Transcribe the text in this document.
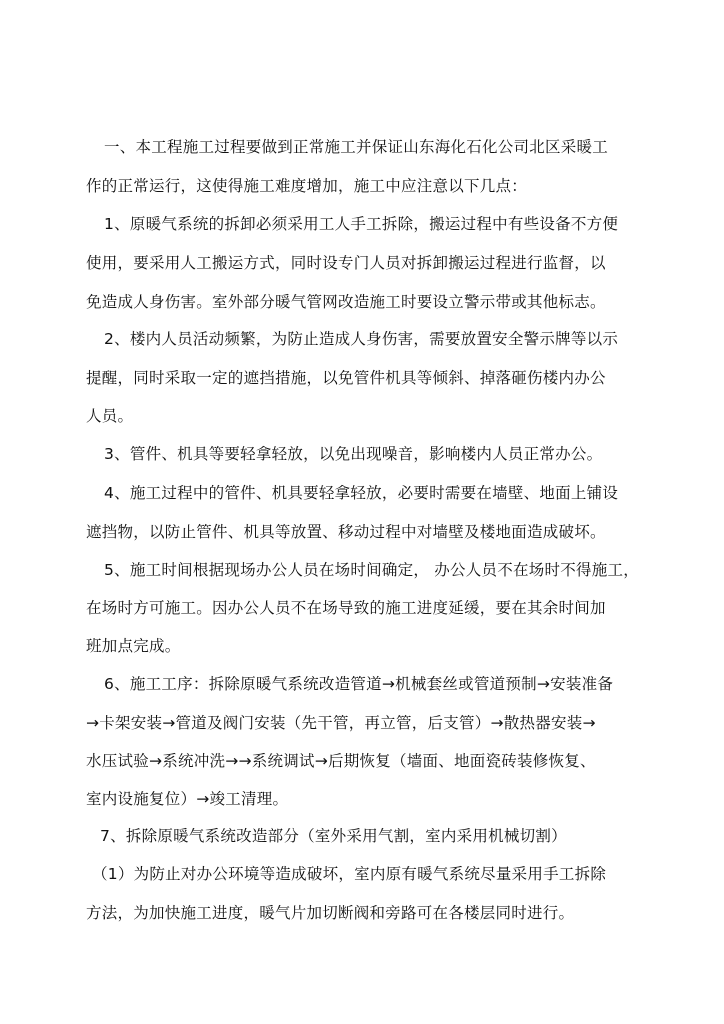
一、本工程施工过程要做到正常施工并保证山东海化石化公司北区采暖工
作的正常运行，这使得施工难度增加，施工中应注意以下几点：
1、原暖气系统的拆卸必须采用工人手工拆除，搬运过程中有些设备不方便
使用，要采用人工搬运方式，同时设专门人员对拆卸搬运过程进行监督，以
免造成人身伤害。室外部分暖气管网改造施工时要设立警示带或其他标志。
2、楼内人员活动频繁，为防止造成人身伤害，需要放置安全警示牌等以示
提醒，同时采取一定的遮挡措施，以免管件机具等倾斜、掉落砸伤楼内办公
人员。
3、管件、机具等要轻拿轻放，以免出现噪音，影响楼内人员正常办公。
4、施工过程中的管件、机具要轻拿轻放，必要时需要在墙壁、地面上铺设
遮挡物，以防止管件、机具等放置、移动过程中对墙壁及楼地面造成破坏。
5、施工时间根据现场办公人员在场时间确定， 办公人员不在场时不得施工，
在场时方可施工。因办公人员不在场导致的施工进度延缓，要在其余时间加
班加点完成。
6、施工工序：拆除原暖气系统改造管道→机械套丝或管道预制→安装准备
→卡架安装→管道及阀门安装（先干管，再立管，后支管）→散热器安装→
水压试验→系统冲洗→→系统调试→后期恢复（墙面、地面瓷砖装修恢复、
室内设施复位）→竣工清理。
7、拆除原暖气系统改造部分（室外采用气割，室内采用机械切割）
（1）为防止对办公环境等造成破坏，室内原有暖气系统尽量采用手工拆除
方法，为加快施工进度，暖气片加切断阀和旁路可在各楼层同时进行。
